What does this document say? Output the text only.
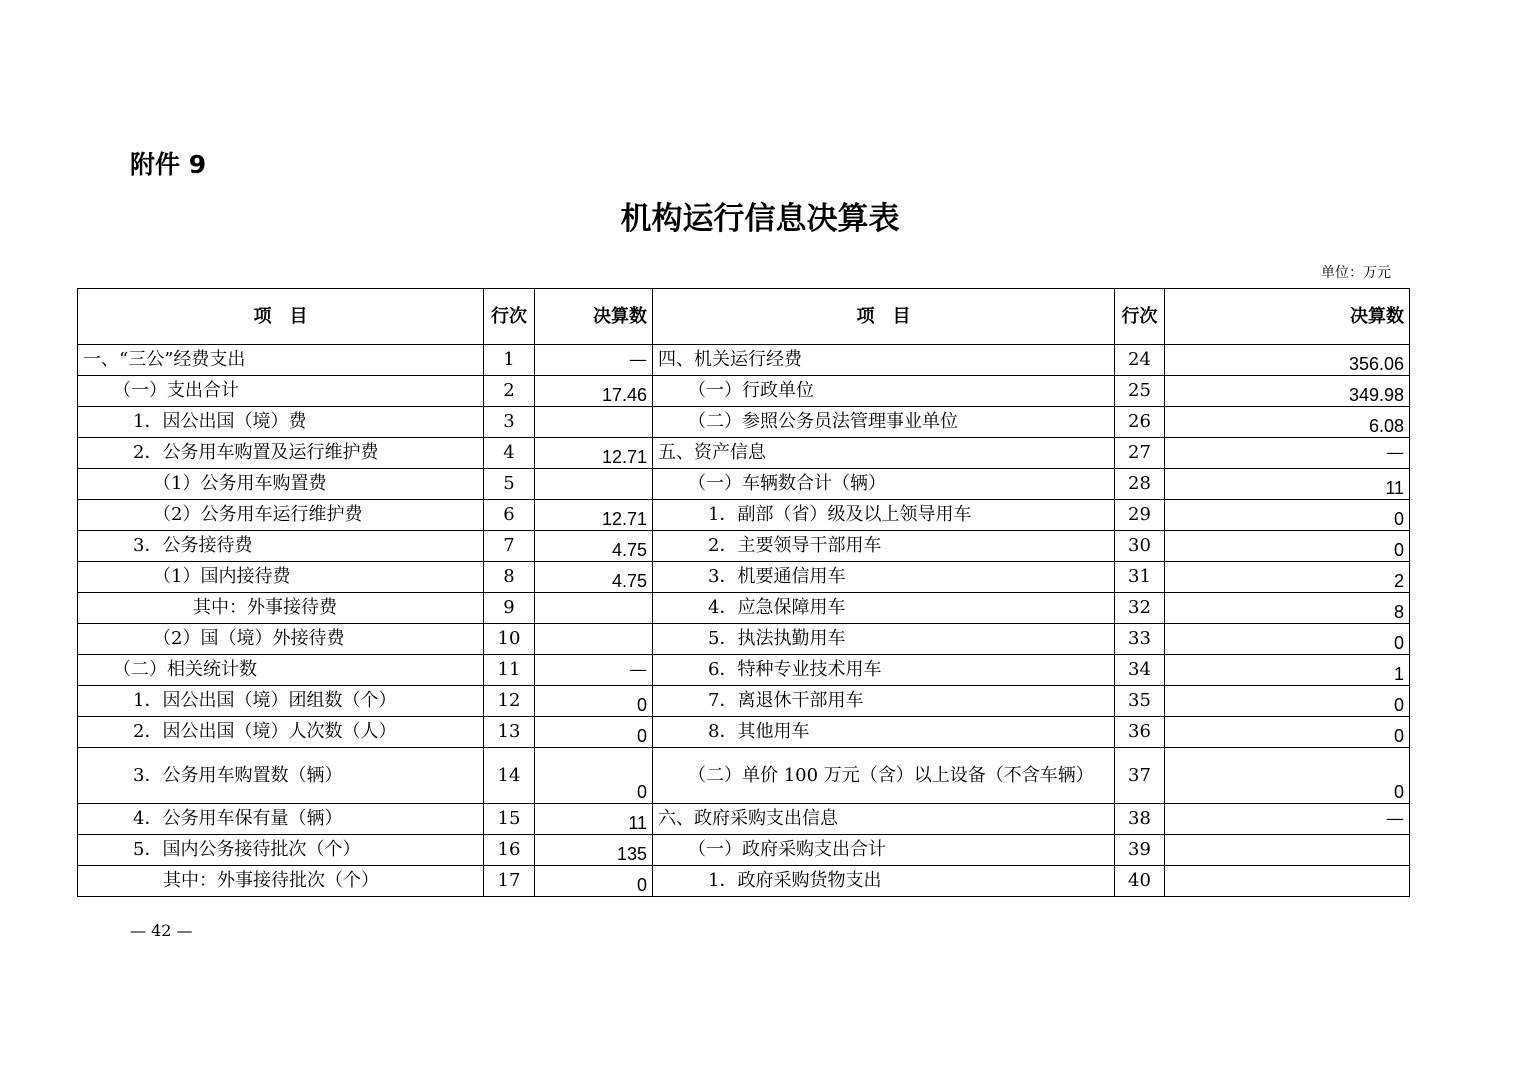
附件 9
机构运行信息决算表
单位：万元
项　目	行次	决算数	项　目	行次	决算数
一、“三公”经费支出	1	—	四、机关运行经费	24	356.06
（一）支出合计	2	17.46	（一）行政单位	25	349.98
1．因公出国（境）费	3		（二）参照公务员法管理事业单位	26	6.08
2．公务用车购置及运行维护费	4	12.71	五、资产信息	27	—
（1）公务用车购置费	5		（一）车辆数合计（辆）	28	11
（2）公务用车运行维护费	6	12.71	1．副部（省）级及以上领导用车	29	0
3．公务接待费	7	4.75	2．主要领导干部用车	30	0
（1）国内接待费	8	4.75	3．机要通信用车	31	2
其中：外事接待费	9		4．应急保障用车	32	8
（2）国（境）外接待费	10		5．执法执勤用车	33	0
（二）相关统计数	11	—	6．特种专业技术用车	34	1
1．因公出国（境）团组数（个）	12	0	7．离退休干部用车	35	0
2．因公出国（境）人次数（人）	13	0	8．其他用车	36	0
3．公务用车购置数（辆）	14	0	（二）单价 100 万元（含）以上设备（不含车辆）	37	0
4．公务用车保有量（辆）	15	11	六、政府采购支出信息	38	—
5．国内公务接待批次（个）	16	135	（一）政府采购支出合计	39	
其中：外事接待批次（个）	17	0	1．政府采购货物支出	40	
— 42 —
